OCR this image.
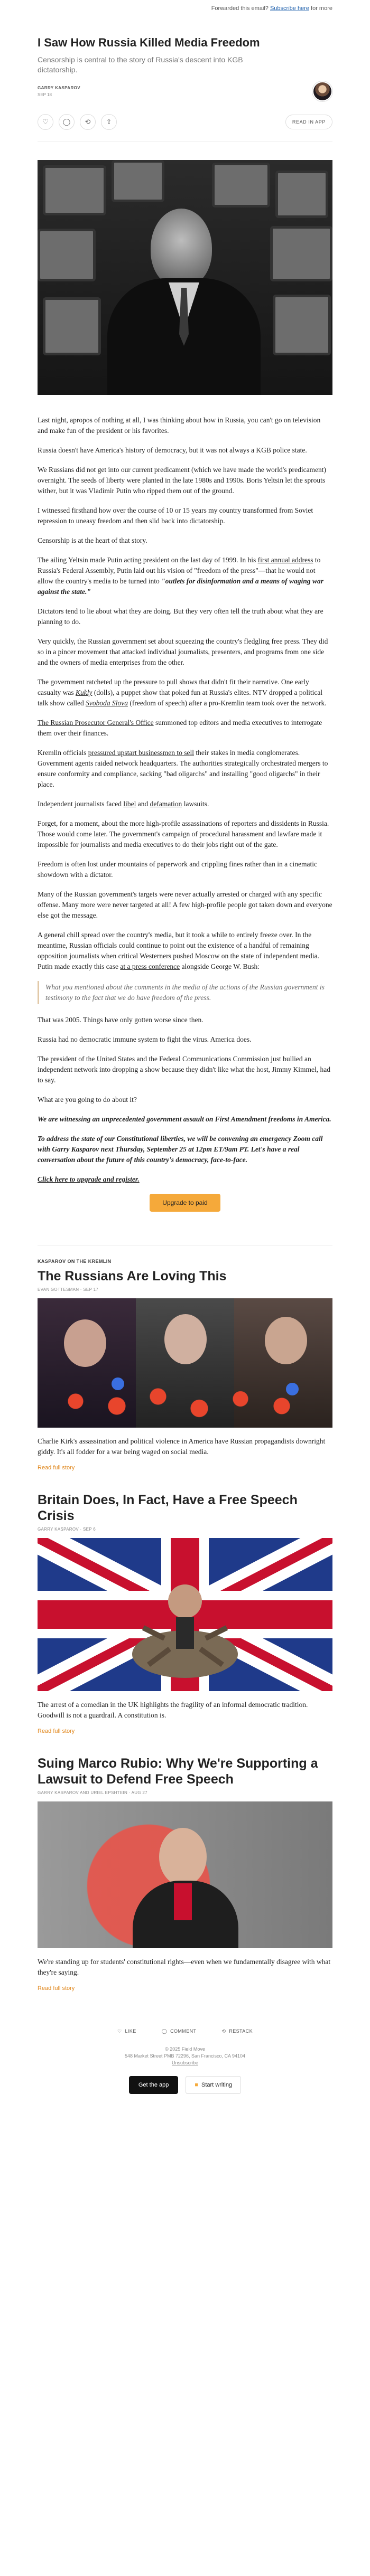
Forwarded this email? Subscribe here for more
I Saw How Russia Killed Media Freedom
Censorship is central to the story of Russia's descent into KGB dictatorship.
GARRY KASPAROV
SEP 18
♡	◯	⟲	⇪	READ IN APP

Last night, apropos of nothing at all, I was thinking about how in Russia, you can't go on television and make fun of the president or his favorites.

Russia doesn't have America's history of democracy, but it was not always a KGB police state.

We Russians did not get into our current predicament (which we have made the world's predicament) overnight. The seeds of liberty were planted in the late 1980s and 1990s. Boris Yeltsin let the sprouts wither, but it was Vladimir Putin who ripped them out of the ground.

I witnessed firsthand how over the course of 10 or 15 years my country transformed from Soviet repression to uneasy freedom and then slid back into dictatorship.

Censorship is at the heart of that story.

The ailing Yeltsin made Putin acting president on the last day of 1999. In his first annual address to Russia's Federal Assembly, Putin laid out his vision of "freedom of the press"—that he would not allow the country's media to be turned into "outlets for disinformation and a means of waging war against the state."

Dictators tend to lie about what they are doing. But they very often tell the truth about what they are planning to do.

Very quickly, the Russian government set about squeezing the country's fledgling free press. They did so in a pincer movement that attacked individual journalists, presenters, and programs from one side and the owners of media enterprises from the other.

The government ratcheted up the pressure to pull shows that didn't fit their narrative. One early casualty was Kukly (dolls), a puppet show that poked fun at Russia's elites. NTV dropped a political talk show called Svoboda Slova (freedom of speech) after a pro-Kremlin team took over the network.

The Russian Prosecutor General's Office summoned top editors and media executives to interrogate them over their finances.

Kremlin officials pressured upstart businessmen to sell their stakes in media conglomerates. Government agents raided network headquarters. The authorities strategically orchestrated mergers to ensure conformity and compliance, sacking "bad oligarchs" and installing "good oligarchs" in their place.

Independent journalists faced libel and defamation lawsuits.

Forget, for a moment, about the more high-profile assassinations of reporters and dissidents in Russia. Those would come later. The government's campaign of procedural harassment and lawfare made it impossible for journalists and media executives to do their jobs right out of the gate.

Freedom is often lost under mountains of paperwork and crippling fines rather than in a cinematic showdown with a dictator.

Many of the Russian government's targets were never actually arrested or charged with any specific offense. Many more were never targeted at all! A few high-profile people got taken down and everyone else got the message.

A general chill spread over the country's media, but it took a while to entirely freeze over. In the meantime, Russian officials could continue to point out the existence of a handful of remaining opposition journalists when critical Westerners pushed Moscow on the state of independent media. Putin made exactly this case at a press conference alongside George W. Bush:

What you mentioned about the comments in the media of the actions of the Russian government is testimony to the fact that we do have freedom of the press.

That was 2005. Things have only gotten worse since then.

Russia had no democratic immune system to fight the virus. America does.

The president of the United States and the Federal Communications Commission just bullied an independent network into dropping a show because they didn't like what the host, Jimmy Kimmel, had to say.

What are you going to do about it?

We are witnessing an unprecedented government assault on First Amendment freedoms in America.

To address the state of our Constitutional liberties, we will be convening an emergency Zoom call with Garry Kasparov next Thursday, September 25 at 12pm ET/9am PT. Let's have a real conversation about the future of this country's democracy, face-to-face.

Click here to upgrade and register.

Upgrade to paid
KASPAROV ON THE KREMLIN
The Russians Are Loving This
EVAN GOTTESMAN · SEP 17
Charlie Kirk's assassination and political violence in America have Russian propagandists downright giddy. It's all fodder for a war being waged on social media.
Read full story
Britain Does, In Fact, Have a Free Speech Crisis
GARRY KASPAROV · SEP 6
The arrest of a comedian in the UK highlights the fragility of an informal democratic tradition. Goodwill is not a guardrail. A constitution is.
Read full story
Suing Marco Rubio: Why We're Supporting a Lawsuit to Defend Free Speech
GARRY KASPAROV AND URIEL EPSHTEIN · AUG 27
We're standing up for students' constitutional rights—even when we fundamentally disagree with what they're saying.
Read full story
♡ LIKE	◯ COMMENT	⟲ RESTACK
© 2025 Field Move
548 Market Street PMB 72296, San Francisco, CA 94104
Unsubscribe
Get the app	■ Start writing
